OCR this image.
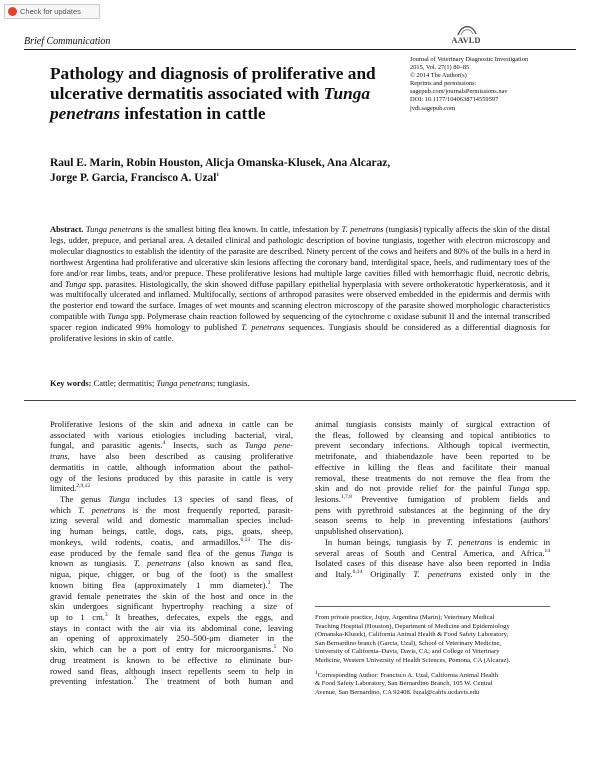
Check for updates
Brief Communication	AAVLD
Journal of Veterinary Diagnostic Investigation
2015, Vol. 27(1) 80–85
© 2014 The Author(s)
Reprints and permissions:
sagepub.com/journalsPermissions.nav
DOI: 10.1177/1040638714559597
jvdi.sagepub.com
Pathology and diagnosis of proliferative and ulcerative dermatitis associated with Tunga penetrans infestation in cattle
Raul E. Marin, Robin Houston, Alicja Omanska-Klusek, Ana Alcaraz,
Jorge P. Garcia, Francisco A. Uzal$^1$
Abstract. Tunga penetrans is the smallest biting flea known. In cattle, infestation by T. penetrans (tungiasis) typically affects the skin of the distal legs, udder, prepuce, and perianal area. A detailed clinical and pathologic description of bovine tungiasis, together with electron microscopy and molecular diagnostics to establish the identity of the parasite are described. Ninety percent of the cows and heifers and 80% of the bulls in a herd in northwest Argentina had proliferative and ulcerative skin lesions affecting the coronary band, interdigital space, heels, and rudimentary toes of the fore and/or rear limbs, teats, and/or prepuce. These proliferative lesions had multiple large cavities filled with hemorrhagic fluid, necrotic debris, and Tunga spp. parasites. Histologically, the skin showed diffuse papillary epithelial hyperplasia with severe orthokeratotic hyperkeratosis, and it was multifocally ulcerated and inflamed. Multifocally, sections of arthropod parasites were observed embedded in the epidermis and dermis with the posterior end toward the surface. Images of wet mounts and scanning electron microscopy of the parasite showed morphologic characteristics compatible with Tunga spp. Polymerase chain reaction followed by sequencing of the cytochrome c oxidase subunit II and the internal transcribed spacer region indicated 99% homology to published T. penetrans sequences. Tungiasis should be considered as a differential diagnosis for proliferative lesions in skin of cattle.
Key words: Cattle; dermatitis; Tunga penetrans; tungiasis.
Proliferative lesions of the skin and adnexa in cattle can be
associated with various etiologies including bacterial, viral,
fungal, and parasitic agents.$^4$ Insects, such as Tunga pene-
trans, have also been described as causing proliferative
dermatitis in cattle, although information about the pathol-
ogy of the lesions produced by this parasite in cattle is very
limited.$^{2,9,12}$
The genus Tunga includes 13 species of sand fleas, of
which T. penetrans is the most frequently reported, parasit-
izing several wild and domestic mammalian species includ-
ing human beings, cattle, dogs, cats, pigs, goats, sheep,
monkeys, wild rodents, coatis, and armadillos.$^{6,13}$ The dis-
ease produced by the female sand flea of the genus Tunga is
known as tungiasis. T. penetrans (also known as sand flea,
nigua, pique, chigger, or bug of the foot) is the smallest
known biting flea (approximately 1 mm diameter).$^3$ The
gravid female penetrates the skin of the host and once in the
skin undergoes significant hypertrophy reaching a size of
up to 1 cm.$^3$ It breathes, defecates, expels the eggs, and
stays in contact with the air via its abdominal cone, leaving
an opening of approximately 250–500-μm diameter in the
skin, which can be a port of entry for microorganisms.$^5$ No
drug treatment is known to be effective to eliminate bur-
rowed sand fleas, although insect repellents seem to help in
preventing infestation.$^7$ The treatment of both human and
animal tungiasis consists mainly of surgical extraction of
the fleas, followed by cleansing and topical antibiotics to
prevent secondary infections. Although topical ivermectin,
metrifonate, and thiabendazole have been reported to be
effective in killing the fleas and facilitate their manual
removal, these treatments do not remove the flea from the
skin and do not provide relief for the painful Tunga spp.
lesions.$^{1,7,8}$ Preventive fumigation of problem fields and
pens with pyrethroid substances at the beginning of the dry
season seems to help in preventing infestations (authors'
unpublished observation).
In human beings, tungiasis by T. penetrans is endemic in
several areas of South and Central America, and Africa.$^{14}$
Isolated cases of this disease have also been reported in India
and Italy.$^{6,14}$ Originally T. penetrans existed only in the
From private practice, Jujuy, Argentina (Marin); Veterinary Medical
Teaching Hospital (Houston), Department of Medicine and Epidemiology
(Omanska-Klusek), California Animal Health & Food Safety Laboratory,
San Bernardino branch (Garcia, Uzal), School of Veterinary Medicine,
University of California–Davis, Davis, CA; and College of Veterinary
Medicine, Western University of Health Sciences, Pomona, CA (Alcaraz).
$^1$Corresponding Author: Francisco A. Uzal, California Animal Health
& Food Safety Laboratory, San Bernardino Branch, 105 W. Central
Avenue, San Bernardino, CA 92408. fuzal@cahfs.ucdavis.edu
